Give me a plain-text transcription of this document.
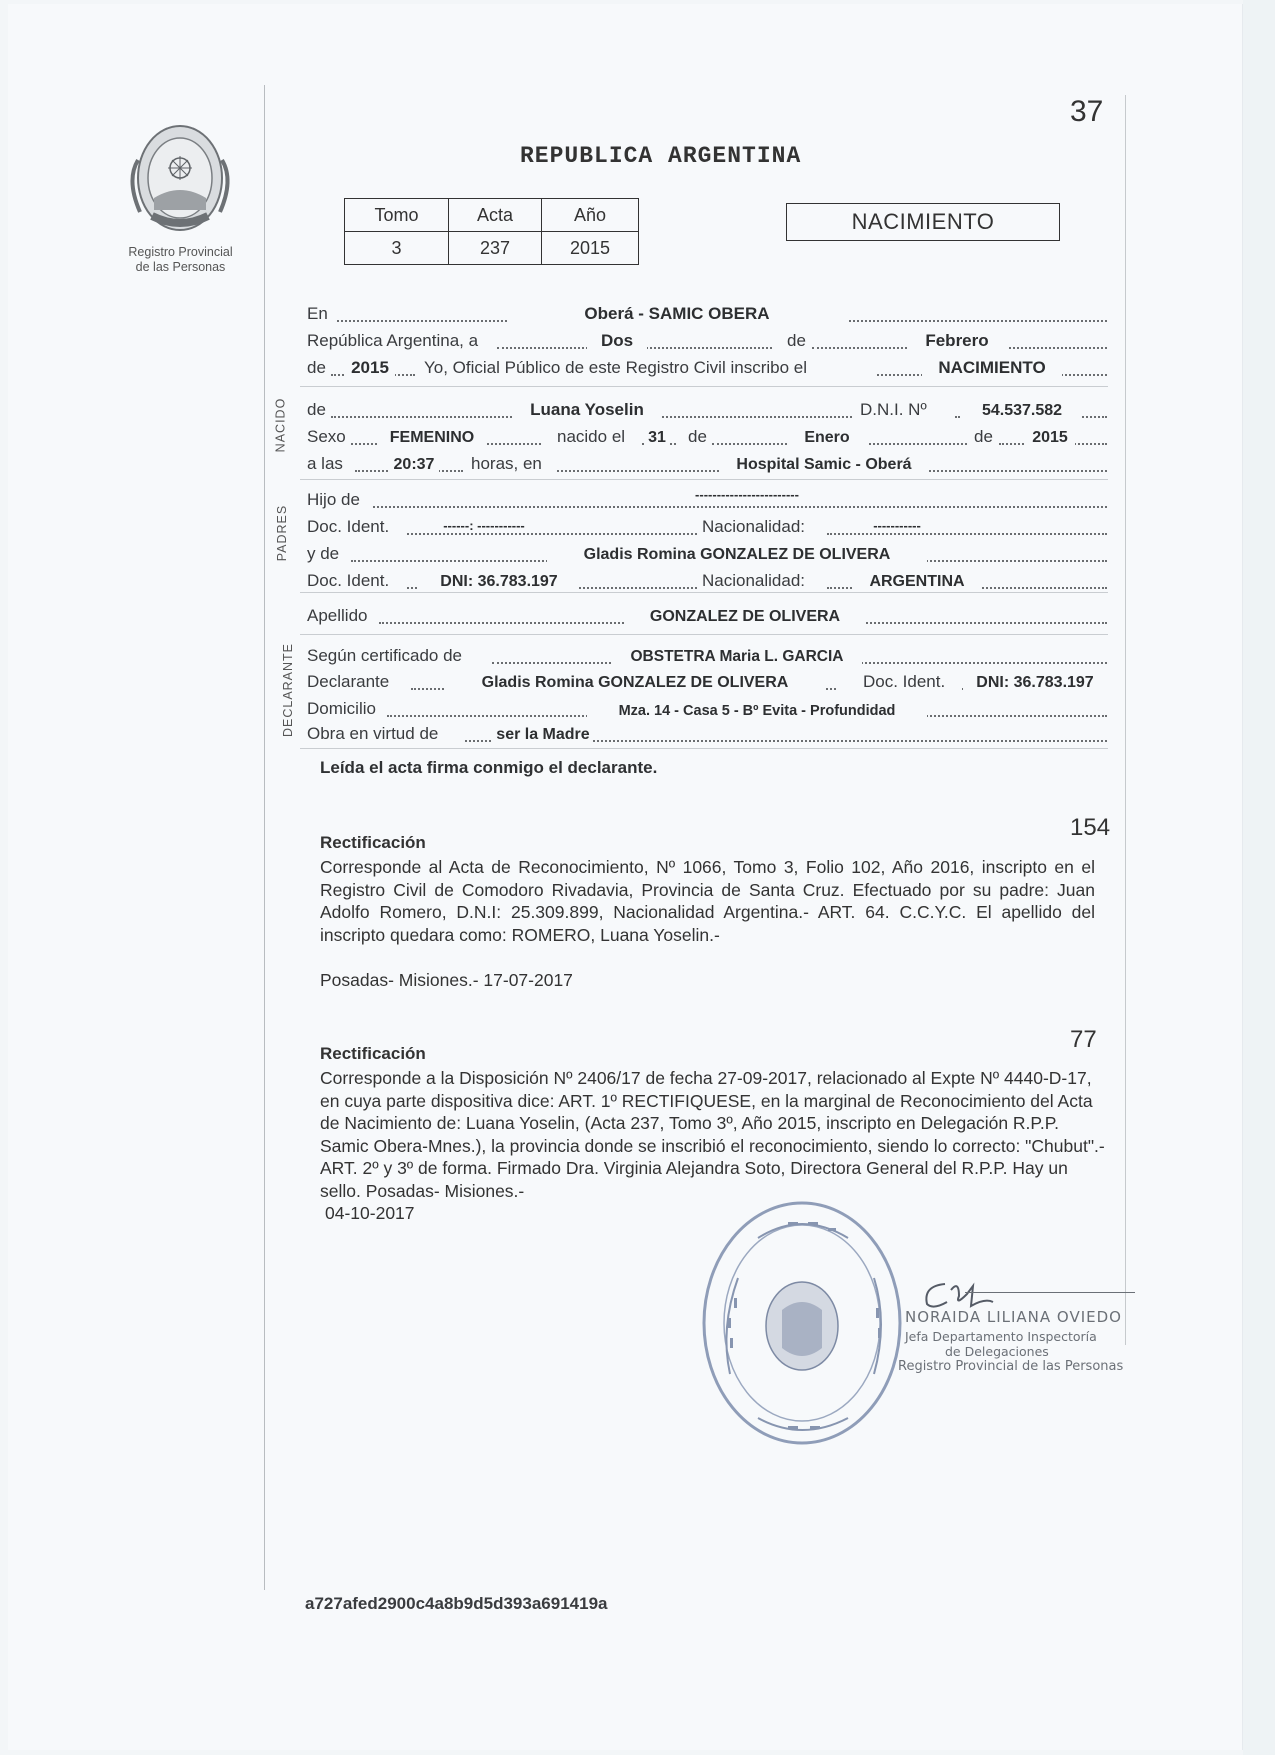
37
Registro Provincial
de las Personas
REPUBLICA ARGENTINA
Tomo	Acta	Año
3	237	2015
NACIMIENTO
NACIDO
PADRES
DECLARANTE
En	Oberá - SAMIC OBERA
República Argentina, a	Dos	de	Febrero
de	2015	Yo, Oficial Público de este Registro Civil inscribo el	NACIMIENTO
de	Luana Yoselin	D.N.I. Nº	54.537.582
Sexo	FEMENINO	nacido el 31 de	Enero	de	2015
a las	20:37 horas, en	Hospital Samic - Oberá
Hijo de	------------------------
Doc. Ident.	------: -----------	Nacionalidad:	-----------
y de	Gladis Romina GONZALEZ DE OLIVERA
Doc. Ident.	DNI: 36.783.197	Nacionalidad:	ARGENTINA
Apellido	GONZALEZ DE OLIVERA
Según certificado de	OBSTETRA Maria L. GARCIA
Declarante	Gladis Romina GONZALEZ DE OLIVERA	Doc. Ident.	DNI: 36.783.197
Domicilio	Mza. 14 - Casa 5 - Bº Evita - Profundidad
Obra en virtud de	ser la Madre
Leída el acta firma conmigo el declarante.
154
Rectificación
Corresponde al Acta de Reconocimiento, Nº 1066, Tomo 3, Folio 102, Año 2016, inscripto en el Registro Civil de Comodoro Rivadavia, Provincia de Santa Cruz. Efectuado por su padre: Juan Adolfo Romero, D.N.I: 25.309.899, Nacionalidad Argentina.- ART. 64. C.C.Y.C. El apellido del inscripto quedara como: ROMERO, Luana Yoselin.-
Posadas- Misiones.- 17-07-2017
77
Rectificación
Corresponde a la Disposición Nº 2406/17 de fecha 27-09-2017, relacionado al Expte Nº 4440-D-17, en cuya parte dispositiva dice: ART. 1º RECTIFIQUESE, en la marginal de Reconocimiento del Acta de Nacimiento de: Luana Yoselin, (Acta 237, Tomo 3º, Año 2015, inscripto en Delegación R.P.P. Samic Obera-Mnes.), la provincia donde se inscribió el reconocimiento, siendo lo correcto: "Chubut".- ART. 2º y 3º de forma. Firmado Dra. Virginia Alejandra Soto, Directora General del R.P.P. Hay un sello. Posadas- Misiones.-
04-10-2017
NORAIDA LILIANA OVIEDO
Jefa Departamento Inspectoría
de Delegaciones
Registro Provincial de las Personas
a727afed2900c4a8b9d5d393a691419a
